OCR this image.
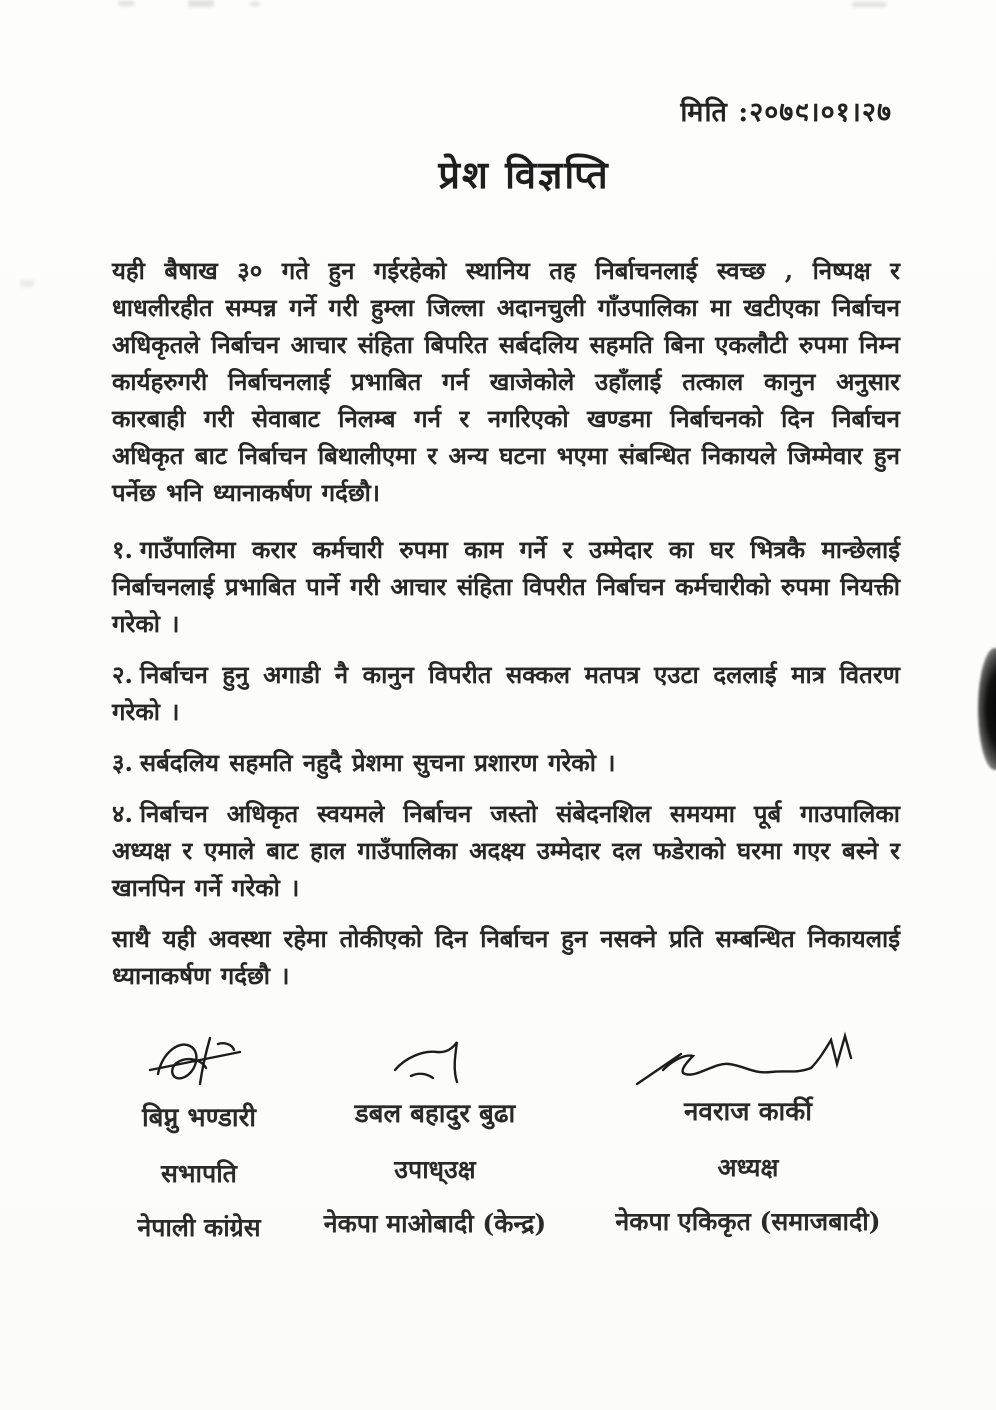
मिति :२०७९।०१।२७
प्रेश विज्ञप्ति

यही बैषाख ३० गते हुन गईरहेको स्थानिय तह निर्बाचनलाई स्वच्छ , निष्पक्ष र धाधलीरहीत सम्पन्न गर्ने गरी हुम्ला जिल्ला अदानचुली गाँउपालिका मा खटीएका निर्बाचन अधिकृतले निर्बाचन आचार संहिता बिपरित सर्बदलिय सहमति बिना एकलौटी रुपमा निम्न कार्यहरुगरी निर्बाचनलाई प्रभाबित गर्न खाजेकोले उहाँलाई तत्काल कानुन अनुसार कारबाही गरी सेवाबाट निलम्ब गर्न र नगरिएको खण्डमा निर्बाचनको दिन निर्बाचन अधिकृत बाट निर्बाचन बिथालीएमा र अन्य घटना भएमा संबन्धित निकायले जिम्मेवार हुन पर्नेछ भनि ध्यानाकर्षण गर्दछौ।

१. गाउँपालिमा करार कर्मचारी रुपमा काम गर्ने र उम्मेदार का घर भित्रकै मान्छेलाई निर्बाचनलाई प्रभाबित पार्ने गरी आचार संहिता विपरीत निर्बाचन कर्मचारीको रुपमा नियक्ती गरेको ।

२. निर्बाचन हुनु अगाडी नै कानुन विपरीत सक्कल मतपत्र एउटा दललाई मात्र वितरण गरेको ।

३. सर्बदलिय सहमति नहुदै प्रेशमा सुचना प्रशारण गरेको ।

४. निर्बाचन अधिकृत स्वयमले निर्बाचन जस्तो संबेदनशिल समयमा पूर्ब गाउपालिका अध्यक्ष र एमाले बाट हाल गाउँपालिका अदक्ष्य उम्मेदार दल फडेराको घरमा गएर बस्ने र खानपिन गर्ने गरेको ।

साथै यही अवस्था रहेमा तोकीएको दिन निर्बाचन हुन नसक्ने प्रति सम्बन्धित निकायलाई ध्यानाकर्षण गर्दछौ ।

बिप्नु भण्डारी
सभापति
नेपाली कांग्रेस
डबल बहादुर बुढा
उपाध्उक्ष
नेकपा माओबादी (केन्द्र)
नवराज कार्की
अध्यक्ष
नेकपा एकिकृत (समाजबादी)
